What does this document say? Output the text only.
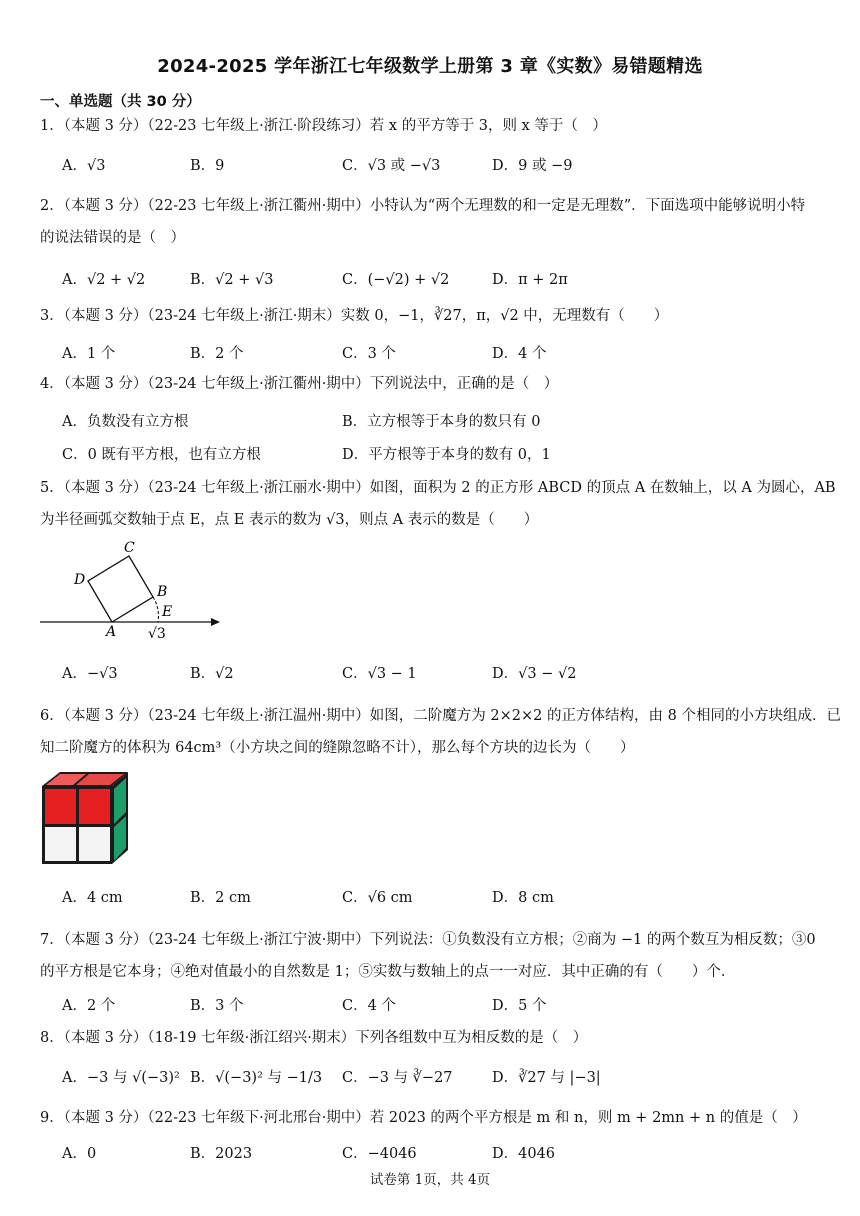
2024-2025 学年浙江七年级数学上册第 3 章《实数》易错题精选
一、单选题（共 30 分）
1．（本题 3 分）（22-23 七年级上·浙江·阶段练习）若 x 的平方等于 3，则 x 等于（　）
A．√3	B．9	C．√3 或 −√3	D．9 或 −9
2．（本题 3 分）（22-23 七年级上·浙江衢州·期中）小特认为“两个无理数的和一定是无理数”．下面选项中能够说明小特
的说法错误的是（　）
A．√2 + √2	B．√2 + √3	C．(−√2) + √2	D．π + 2π
3．（本题 3 分）（23-24 七年级上·浙江·期末）实数 0，−1，∛27，π，√2 中，无理数有（　　）
A．1 个	B．2 个	C．3 个	D．4 个
4．（本题 3 分）（23-24 七年级上·浙江衢州·期中）下列说法中，正确的是（　）
A．负数没有立方根	B．立方根等于本身的数只有 0
C．0 既有平方根，也有立方根	D．平方根等于本身的数有 0，1
5．（本题 3 分）（23-24 七年级上·浙江丽水·期中）如图，面积为 2 的正方形 ABCD 的顶点 A 在数轴上，以 A 为圆心，AB
为半径画弧交数轴于点 E，点 E 表示的数为 √3，则点 A 表示的数是（　　）
A
B
C
D
E
√3
A．−√3	B．√2	C．√3 − 1	D．√3 − √2
6．（本题 3 分）（23-24 七年级上·浙江温州·期中）如图，二阶魔方为 2×2×2 的正方体结构，由 8 个相同的小方块组成．已
知二阶魔方的体积为 64cm³（小方块之间的缝隙忽略不计），那么每个方块的边长为（　　）
A．4 cm	B．2 cm	C．√6 cm	D．8 cm
7．（本题 3 分）（23-24 七年级上·浙江宁波·期中）下列说法：①负数没有立方根；②商为 −1 的两个数互为相反数；③0
的平方根是它本身；④绝对值最小的自然数是 1；⑤实数与数轴上的点一一对应．其中正确的有（　　）个．
A．2 个	B．3 个	C．4 个	D．5 个
8．（本题 3 分）（18-19 七年级·浙江绍兴·期末）下列各组数中互为相反数的是（　）
A．−3 与 √(−3)² B．√(−3)² 与 −1/3 C．−3 与 ∛−27	D．∛27 与 |−3|
9．（本题 3 分）（22-23 七年级下·河北邢台·期中）若 2023 的两个平方根是 m 和 n，则 m + 2mn + n 的值是（　）
A．0	B．2023	C．−4046	D．4046
试卷第 1页，共 4页
